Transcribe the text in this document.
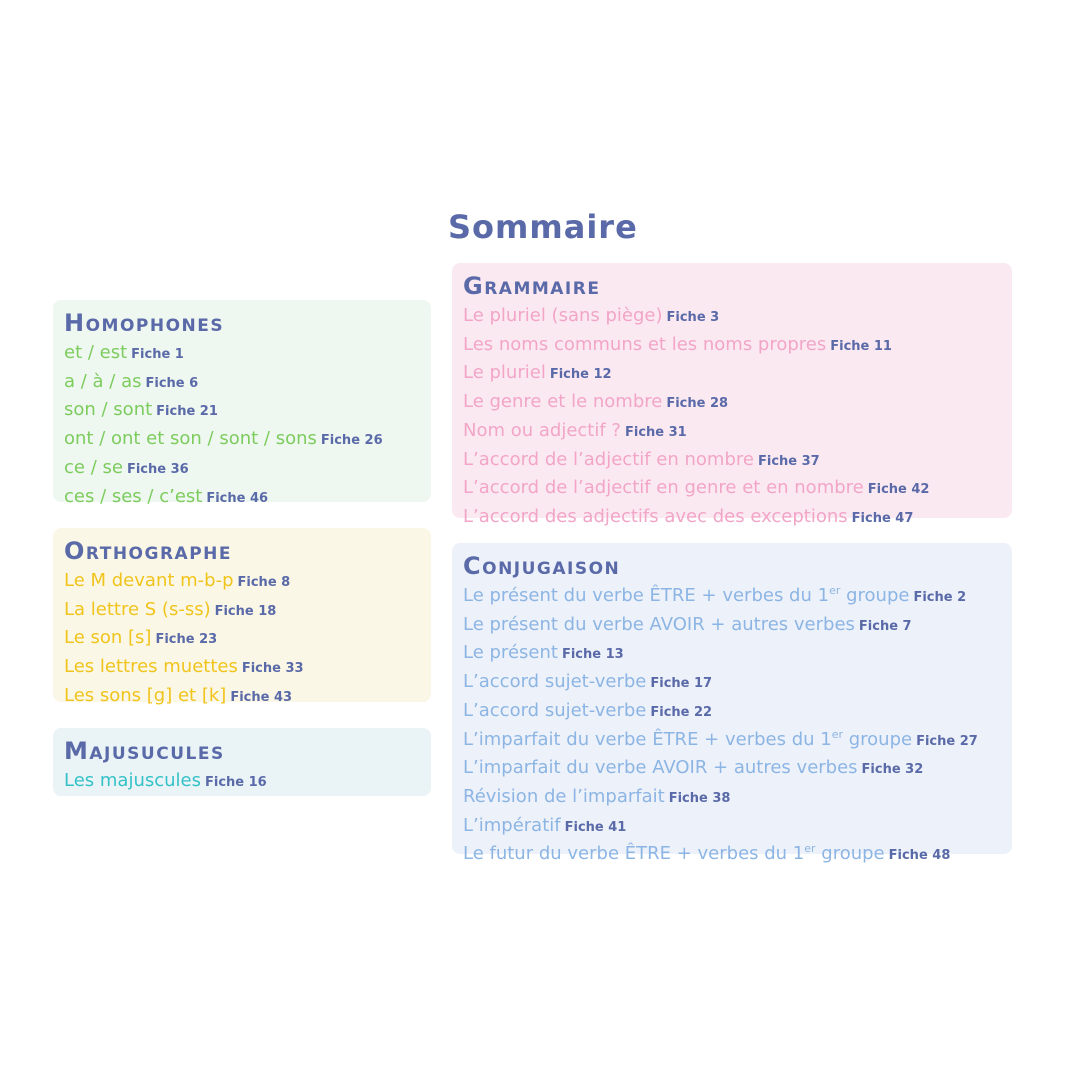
Sommaire
Homophones
et / est Fiche 1
a / à / as Fiche 6
son / sont Fiche 21
ont / ont et son / sont / sons Fiche 26
ce / se Fiche 36
ces / ses / c’est Fiche 46
Orthographe
Le M devant m-b-p Fiche 8
La lettre S (s-ss) Fiche 18
Le son [s] Fiche 23
Les lettres muettes Fiche 33
Les sons [g] et [k] Fiche 43
Majusucules
Les majuscules Fiche 16
Grammaire
Le pluriel (sans piège) Fiche 3
Les noms communs et les noms propres Fiche 11
Le pluriel Fiche 12
Le genre et le nombre Fiche 28
Nom ou adjectif ? Fiche 31
L’accord de l’adjectif en nombre Fiche 37
L’accord de l’adjectif en genre et en nombre Fiche 42
L’accord des adjectifs avec des exceptions Fiche 47
Conjugaison
Le présent du verbe ÊTRE + verbes du 1er groupe Fiche 2
Le présent du verbe AVOIR + autres verbes Fiche 7
Le présent Fiche 13
L’accord sujet-verbe Fiche 17
L’accord sujet-verbe Fiche 22
L’imparfait du verbe ÊTRE + verbes du 1er groupe Fiche 27
L’imparfait du verbe AVOIR + autres verbes Fiche 32
Révision de l’imparfait Fiche 38
L’impératif Fiche 41
Le futur du verbe ÊTRE + verbes du 1er groupe Fiche 48
